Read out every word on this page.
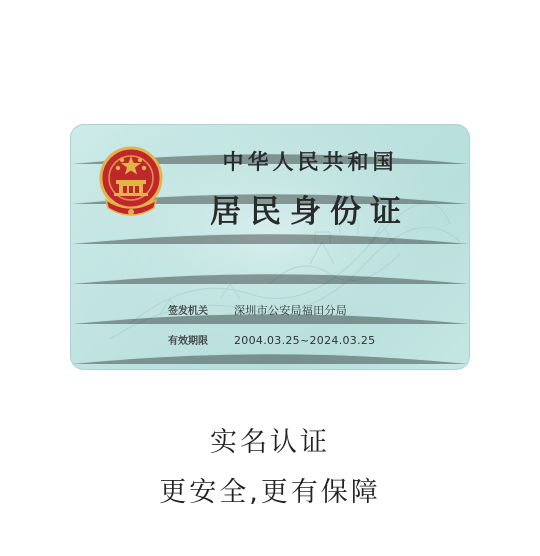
中华人民共和国
居民身份证
签发机关 深圳市公安局福田分局
有效期限 2004.03.25~2024.03.25
实名认证
更安全,更有保障
